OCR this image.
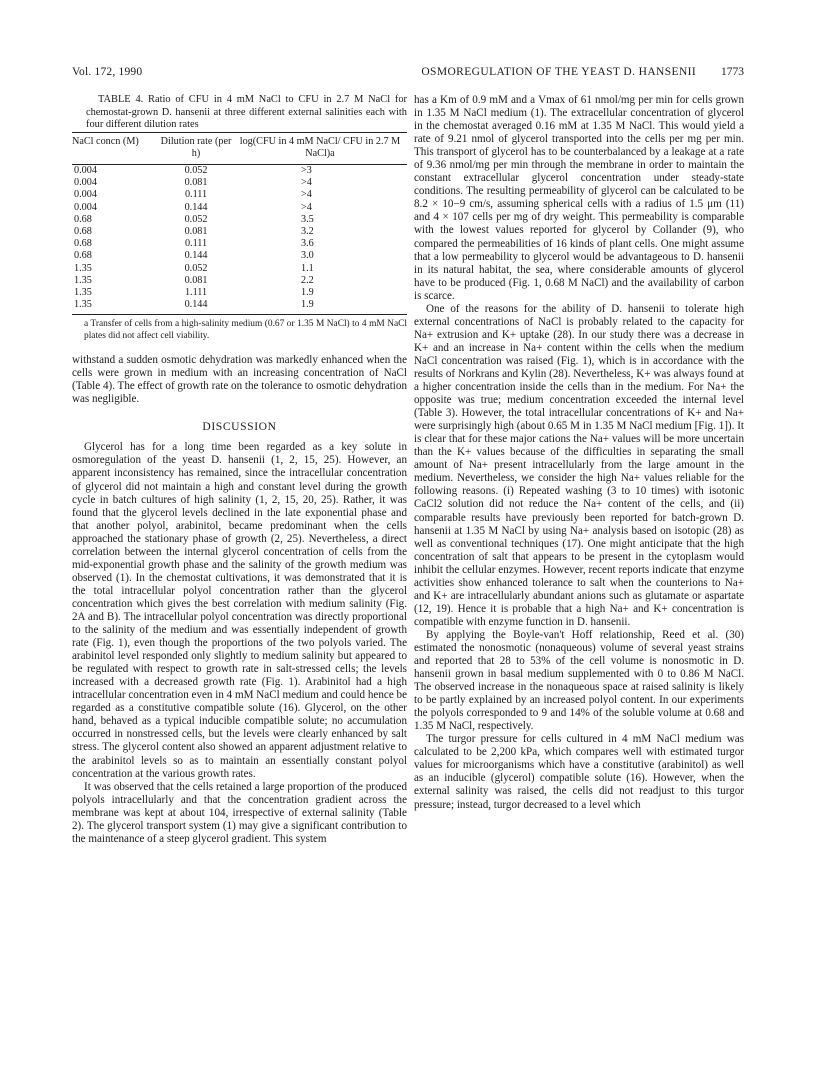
Vol. 172, 1990	OSMOREGULATION OF THE YEAST D. HANSENII 1773

TABLE 4. Ratio of CFU in 4 mM NaCl to CFU in 2.7 M NaCl for chemostat-grown D. hansenii at three different external salinities each with four different dilution rates

NaCl concn (M)	Dilution rate (per h)	log(CFU in 4 mM NaCl/ CFU in 2.7 M NaCl)a
0.004	0.052	>3
0.004	0.081	>4
0.004	0.111	>4
0.004	0.144	>4
0.68	0.052	3.5
0.68	0.081	3.2
0.68	0.111	3.6
0.68	0.144	3.0
1.35	0.052	1.1
1.35	0.081	2.2
1.35	1.111	1.9
1.35	0.144	1.9
a Transfer of cells from a high-salinity medium (0.67 or 1.35 M NaCl) to 4 mM NaCl plates did not affect cell viability.

withstand a sudden osmotic dehydration was markedly enhanced when the cells were grown in medium with an increasing concentration of NaCl (Table 4). The effect of growth rate on the tolerance to osmotic dehydration was negligible.

DISCUSSION

Glycerol has for a long time been regarded as a key solute in osmoregulation of the yeast D. hansenii (1, 2, 15, 25). However, an apparent inconsistency has remained, since the intracellular concentration of glycerol did not maintain a high and constant level during the growth cycle in batch cultures of high salinity (1, 2, 15, 20, 25). Rather, it was found that the glycerol levels declined in the late exponential phase and that another polyol, arabinitol, became predominant when the cells approached the stationary phase of growth (2, 25). Nevertheless, a direct correlation between the internal glycerol concentration of cells from the mid-exponential growth phase and the salinity of the growth medium was observed (1). In the chemostat cultivations, it was demonstrated that it is the total intracellular polyol concentration rather than the glycerol concentration which gives the best correlation with medium salinity (Fig. 2A and B). The intracellular polyol concentration was directly proportional to the salinity of the medium and was essentially independent of growth rate (Fig. 1), even though the proportions of the two polyols varied. The arabinitol level responded only slightly to medium salinity but appeared to be regulated with respect to growth rate in salt-stressed cells; the levels increased with a decreased growth rate (Fig. 1). Arabinitol had a high intracellular concentration even in 4 mM NaCl medium and could hence be regarded as a constitutive compatible solute (16). Glycerol, on the other hand, behaved as a typical inducible compatible solute; no accumulation occurred in nonstressed cells, but the levels were clearly enhanced by salt stress. The glycerol content also showed an apparent adjustment relative to the arabinitol levels so as to maintain an essentially constant polyol concentration at the various growth rates.

It was observed that the cells retained a large proportion of the produced polyols intracellularly and that the concentration gradient across the membrane was kept at about 104, irrespective of external salinity (Table 2). The glycerol transport system (1) may give a significant contribution to the maintenance of a steep glycerol gradient. This system

has a Km of 0.9 mM and a Vmax of 61 nmol/mg per min for cells grown in 1.35 M NaCl medium (1). The extracellular concentration of glycerol in the chemostat averaged 0.16 mM at 1.35 M NaCl. This would yield a rate of 9.21 nmol of glycerol transported into the cells per mg per min. This transport of glycerol has to be counterbalanced by a leakage at a rate of 9.36 nmol/mg per min through the membrane in order to maintain the constant extracellular glycerol concentration under steady-state conditions. The resulting permeability of glycerol can be calculated to be 8.2 × 10−9 cm/s, assuming spherical cells with a radius of 1.5 μm (11) and 4 × 107 cells per mg of dry weight. This permeability is comparable with the lowest values reported for glycerol by Collander (9), who compared the permeabilities of 16 kinds of plant cells. One might assume that a low permeability to glycerol would be advantageous to D. hansenii in its natural habitat, the sea, where considerable amounts of glycerol have to be produced (Fig. 1, 0.68 M NaCl) and the availability of carbon is scarce.

One of the reasons for the ability of D. hansenii to tolerate high external concentrations of NaCl is probably related to the capacity for Na+ extrusion and K+ uptake (28). In our study there was a decrease in K+ and an increase in Na+ content within the cells when the medium NaCl concentration was raised (Fig. 1), which is in accordance with the results of Norkrans and Kylin (28). Nevertheless, K+ was always found at a higher concentration inside the cells than in the medium. For Na+ the opposite was true; medium concentration exceeded the internal level (Table 3). However, the total intracellular concentrations of K+ and Na+ were surprisingly high (about 0.65 M in 1.35 M NaCl medium [Fig. 1]). It is clear that for these major cations the Na+ values will be more uncertain than the K+ values because of the difficulties in separating the small amount of Na+ present intracellularly from the large amount in the medium. Nevertheless, we consider the high Na+ values reliable for the following reasons. (i) Repeated washing (3 to 10 times) with isotonic CaCl2 solution did not reduce the Na+ content of the cells, and (ii) comparable results have previously been reported for batch-grown D. hansenii at 1.35 M NaCl by using Na+ analysis based on isotopic (28) as well as conventional techniques (17). One might anticipate that the high concentration of salt that appears to be present in the cytoplasm would inhibit the cellular enzymes. However, recent reports indicate that enzyme activities show enhanced tolerance to salt when the counterions to Na+ and K+ are intracellularly abundant anions such as glutamate or aspartate (12, 19). Hence it is probable that a high Na+ and K+ concentration is compatible with enzyme function in D. hansenii.

By applying the Boyle-van't Hoff relationship, Reed et al. (30) estimated the nonosmotic (nonaqueous) volume of several yeast strains and reported that 28 to 53% of the cell volume is nonosmotic in D. hansenii grown in basal medium supplemented with 0 to 0.86 M NaCl. The observed increase in the nonaqueous space at raised salinity is likely to be partly explained by an increased polyol content. In our experiments the polyols corresponded to 9 and 14% of the soluble volume at 0.68 and 1.35 M NaCl, respectively.

The turgor pressure for cells cultured in 4 mM NaCl medium was calculated to be 2,200 kPa, which compares well with estimated turgor values for microorganisms which have a constitutive (arabinitol) as well as an inducible (glycerol) compatible solute (16). However, when the external salinity was raised, the cells did not readjust to this turgor pressure; instead, turgor decreased to a level which
